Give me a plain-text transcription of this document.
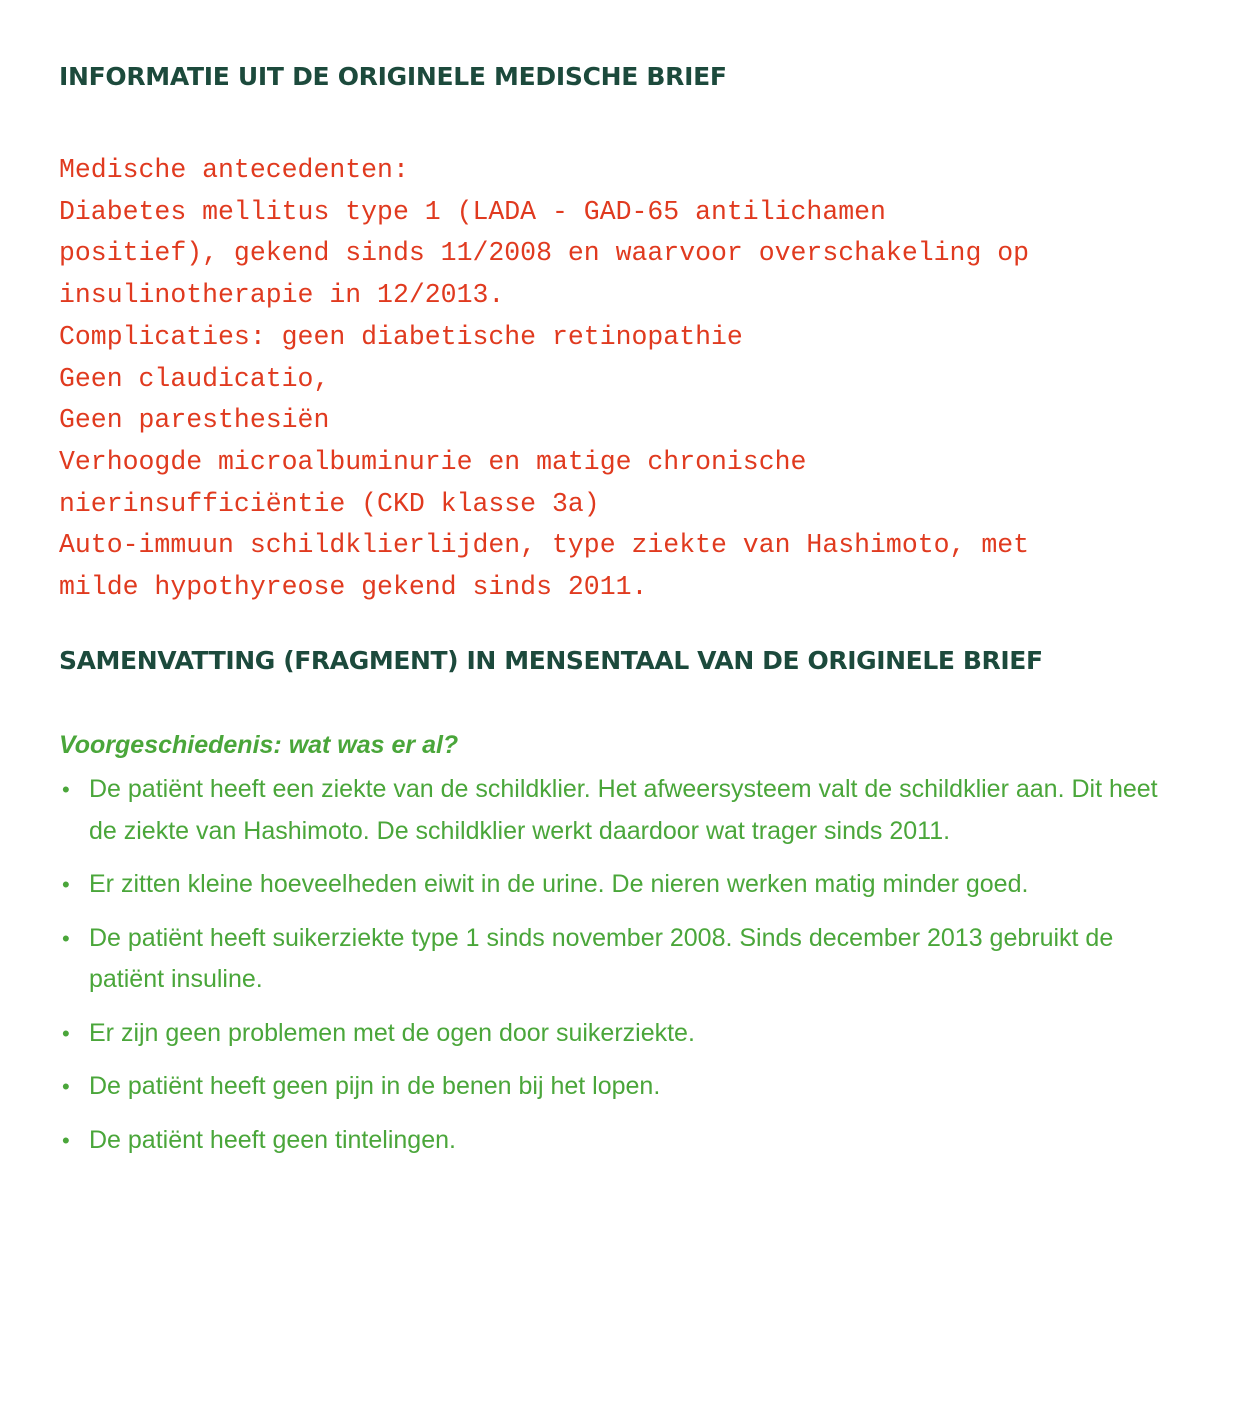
INFORMATIE UIT DE ORIGINELE MEDISCHE BRIEF
Medische antecedenten:
Diabetes mellitus type 1 (LADA - GAD-65 antilichamen
positief), gekend sinds 11/2008 en waarvoor overschakeling op
insulinotherapie in 12/2013.
Complicaties: geen diabetische retinopathie
Geen claudicatio,
Geen paresthesiën
Verhoogde microalbuminurie en matige chronische
nierinsufficiëntie (CKD klasse 3a)
Auto-immuun schildklierlijden, type ziekte van Hashimoto, met
milde hypothyreose gekend sinds 2011.
SAMENVATTING (FRAGMENT) IN MENSENTAAL VAN DE ORIGINELE BRIEF

Voorgeschiedenis: wat was er al?

• De patiënt heeft een ziekte van de schildklier. Het afweersysteem valt de schildklier aan. Dit heet de ziekte van Hashimoto. De schildklier werkt daardoor wat trager sinds 2011.
• Er zitten kleine hoeveelheden eiwit in de urine. De nieren werken matig minder goed.
• De patiënt heeft suikerziekte type 1 sinds november 2008. Sinds december 2013 gebruikt de patiënt insuline.
• Er zijn geen problemen met de ogen door suikerziekte.
• De patiënt heeft geen pijn in de benen bij het lopen.
• De patiënt heeft geen tintelingen.
